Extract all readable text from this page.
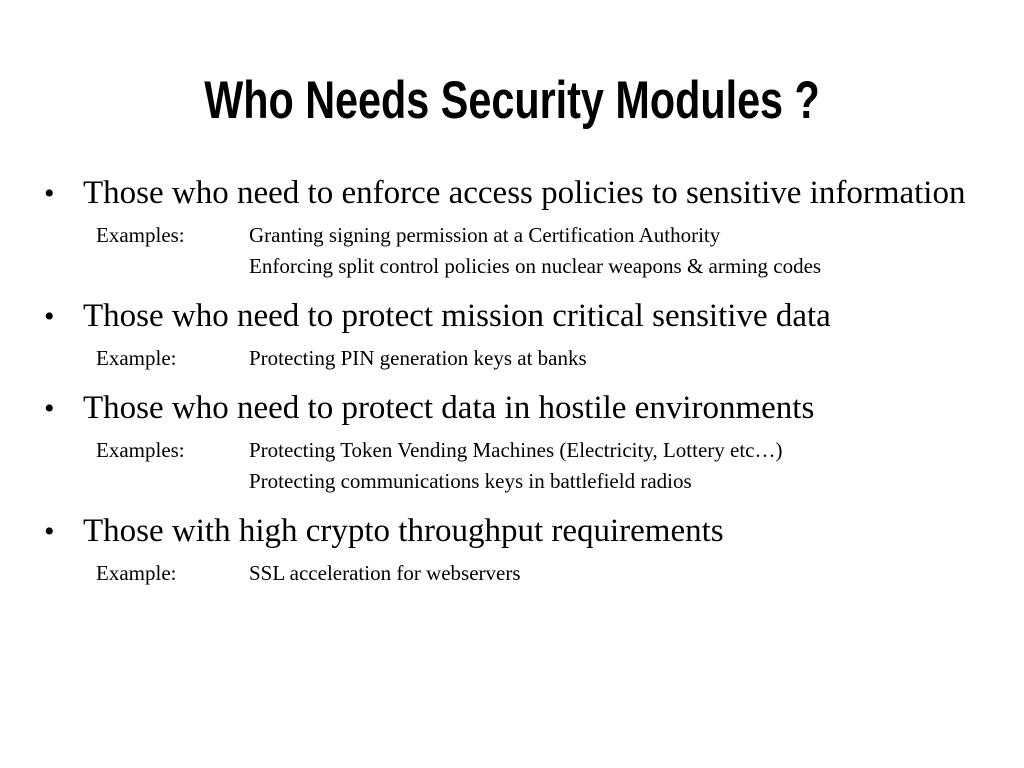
Who Needs Security Modules ?
• Those who need to enforce access policies to sensitive information
Examples:	Granting signing permission at a Certification Authority
Enforcing split control policies on nuclear weapons & arming codes
• Those who need to protect mission critical sensitive data
Example:	Protecting PIN generation keys at banks
• Those who need to protect data in hostile environments
Examples:	Protecting Token Vending Machines (Electricity, Lottery etc…)
Protecting communications keys in battlefield radios
• Those with high crypto throughput requirements
Example:	SSL acceleration for webservers
